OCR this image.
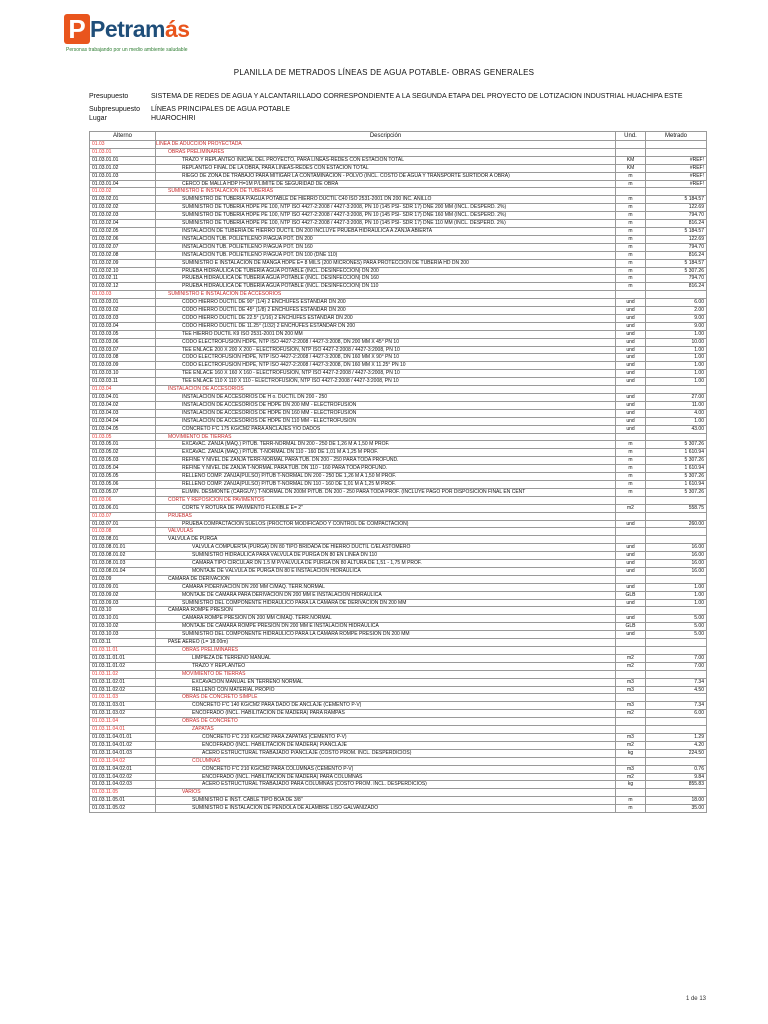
P Petramás
Personas trabajando por un medio ambiente saludable
PLANILLA DE METRADOS LÍNEAS DE AGUA POTABLE- OBRAS GENERALES
Presupuesto	SISTEMA DE REDES DE AGUA Y ALCANTARILLADO CORRESPONDIENTE A LA SEGUNDA ETAPA DEL PROYECTO DE LOTIZACION INDUSTRIAL HUACHIPA ESTE
Subpresupuesto LÍNEAS PRINCIPALES DE AGUA POTABLE
Lugar	HUAROCHIRI
Alterno	Descripción	Und.	Metrado
01.03	LINEA DE ADUCCION PROYECTADA		
01.03.01	OBRAS PRELIMINARES		
01.03.01.01	TRAZO Y REPLANTEO INICIAL DEL PROYECTO, PARA LÍNEAS-REDES CON ESTACIÓN TOTAL	KM	#REF!
01.03.01.02	REPLANTEO FINAL DE LA OBRA, PARA LÍNEAS-REDES CON ESTACIÓN TOTAL	KM	#REF!
01.03.01.03	RIEGO DE ZONA DE TRABAJO PARA MITIGAR LA CONTAMINACIÓN - POLVO (INCL. COSTO DE AGUA Y TRANSPORTE SURTIDOR A OBRA)	m	#REF!
01.03.01.04	CERCO DE MALLA HDP H=1M P/LIMITE DE SEGURIDAD DE OBRA	m	#REF!
01.03.02	SUMINISTRO E INSTALACION DE TUBERIAS		
01.03.02.01	SUMINISTRO DE TUBERIA P/AGUA POTABLE DE HIERRO DUCTIL C40 ISO 2531-2001 DN 200 INC. ANILLO	m	5 184.57
01.03.02.02	SUMINISTRO DE TUBERIA HDPE PE 100, NTP ISO 4427-2:2008 / 4427-3:2008, PN 10 (145 PSI- SDR 17) DNE 200 MM (INCL. DESPERD. 2%)	m	122.69
01.03.02.03	SUMINISTRO DE TUBERIA HDPE PE 100, NTP ISO 4427-2:2008 / 4427-3:2008, PN 10 (145 PSI- SDR 17) DNE 160 MM (INCL. DESPERD. 2%)	m	794.70
01.03.02.04	SUMINISTRO DE TUBERIA HDPE PE 100, NTP ISO 4427-2:2008 / 4427-3:2008, PN 10 (145 PSI- SDR 17) DNE 110 MM (INCL. DESPERD. 2%)	m	816.24
01.03.02.05	INSTALACIÓN DE TUBERÍA DE HIERRO DÚCTIL DN 200 INCLUYE PRUEBA HIDRÁULICA A ZANJA ABIERTA	m	5 184.57
01.03.02.06	INSTALACIÓN TUB. POLIETILENO P/AGUA POT. DN 200	m	122.69
01.03.02.07	INSTALACIÓN TUB. POLIETILENO P/AGUA POT. DN 160	m	794.70
01.03.02.08	INSTALACIÓN TUB. POLIETILENO P/AGUA POT. DN 100 (DNE 110)	m	816.24
01.03.02.09	SUMINISTRO E INSTALACIÓN DE MANGA HDPE E= 8 MILS (200 MICRONES) PARA PROTECCIÓN DE TUBERÍA HD DN 200	m	5 184.57
01.03.02.10	PRUEBA HIDRÁULICA DE TUBERÍA AGUA POTABLE (INCL. DESINFECCIÓN) DN 200	m	5 307.26
01.03.02.11	PRUEBA HIDRÁULICA DE TUBERÍA AGUA POTABLE (INCL. DESINFECCIÓN) DN 160	m	794.70
01.03.02.12	PRUEBA HIDRÁULICA DE TUBERÍA AGUA POTABLE (INCL. DESINFECCIÓN) DN 110	m	816.24
01.03.03	SUMINISTRO E INSTALACIÓN DE ACCESORIOS		
01.03.03.01	CODO HIERRO DÚCTIL DE 90° (1/4) 2 ENCHUFES ESTANDAR DN 200	und	6.00
01.03.03.02	CODO HIERRO DÚCTIL DE 45° (1/8) 2 ENCHUFES ESTANDAR DN 200	und	2.00
01.03.03.03	CODO HIERRO DÚCTIL DE 22.5° (1/16) 2 ENCHUFES ESTANDAR DN 200	und	9.00
01.03.03.04	CODO HIERRO DÚCTIL DE 11.25° (1/32) 2 ENCHUFES ESTANDAR DN 200	und	9.00
01.03.03.05	TEE HIERRO DÚCTIL K9 ISO 2531-2001 DN 200 MM	und	1.00
01.03.03.06	CODO ELECTROFUSION HDPE, NTP ISO 4427-2:2008 / 4427-3:2008, DN 200 MM X 45° PN 10	und	10.00
01.03.03.07	TEE ENLACE 200 X 200 X 200 - ELECTROFUSION, NTP ISO 4427-2:2008 / 4427-3:2008, PN 10	und	1.00
01.03.03.08	CODO ELECTROFUSION HDPE, NTP ISO 4427-2:2008 / 4427-3:2008, DN 160 MM X 90° PN 10	und	1.00
01.03.03.09	CODO ELECTROFUSION HDPE, NTP ISO 4427-2:2008 / 4427-3:2008, DN 160 MM X 11.25° PN 10	und	1.00
01.03.03.10	TEE ENLACE 160 X 160 X 160 - ELECTROFUSION, NTP ISO 4427-2:2008 / 4427-3:2008, PN 10	und	1.00
01.03.03.11	TEE ENLACE 110 X 110 X 110 - ELECTROFUSION, NTP ISO 4427-2:2008 / 4427-3:2008, PN 10	und	1.00
01.03.04	INSTALACIÓN DE ACCESORIOS		
01.03.04.01	INSTALACIÓN DE ACCESORIOS DE H o. DUCTIL DN 200 - 250	und	27.00
01.03.04.02	INSTALACIÓN DE ACCESORIOS DE HDPE DN 200 MM - ELECTROFUSION	und	11.00
01.03.04.03	INSTALACIÓN DE ACCESORIOS DE HDPE DN 160 MM - ELECTROFUSION	und	4.00
01.03.04.04	INSTALACIÓN DE ACCESORIOS DE HDPE DN 110 MM - ELECTROFUSION	und	1.00
01.03.04.05	CONCRETO F'C 175 KG/CM2 PARA ANCLAJES Y/O DADOS	und	43.00
01.03.05	MOVIMIENTO DE TIERRAS		
01.03.05.01	EXCAVAC. ZANJA (MAQ.) P/TUB. TERR-NORMAL DN 200 - 250 DE 1,26 M A 1,50 M PROF.	m	5 307.26
01.03.05.02	EXCAVAC. ZANJA (MAQ.) P/TUB. T-NORMAL DN 110 - 160 DE 1,01 M A 1,25 M PROF.	m	1 610.94
01.03.05.03	REFINE Y NIVEL DE ZANJA TERR-NORMAL PARA TUB. DN 200 - 250 PARA TODA PROFUND.	m	5 307.26
01.03.05.04	REFINE Y NIVEL DE ZANJA T-NORMAL PARA TUB. DN 110 - 160 PARA TODA PROFUND.	m	1 610.94
01.03.05.05	RELLENO COMP. ZANJA(PULSO) P/TUB T-NORMAL DN 200 - 250 DE 1,26 M A 1,50 M PROF.	m	5 307.26
01.03.05.06	RELLENO COMP. ZANJA(PULSO) P/TUB T-NORMAL DN 110 - 160 DE 1,01 M A 1,25 M PROF.	m	1 610.94
01.03.05.07	ELIMIN. DESMONTE (CARGUY.) T-NORMAL DN 200M P/TUB. DN 200 - 250 PARA TODA PROF. (INCLUYE PAGO POR DISPOSICION FINAL EN CENT	m	5 307.26
01.03.06	CORTE Y REPOSICIÓN DE PAVIMENTOS		
01.03.06.01	CORTE Y ROTURA DE PAVIMENTO FLEXIBLE E= 2"	m2	558.75
01.03.07	PRUEBAS		
01.03.07.01	PRUEBA COMPACTACION SUELOS (PROCTOR MODIFICADO Y CONTROL DE COMPACTACIÓN)	und	260.00
01.03.08	VALVULAS		
01.03.08.01	VÁLVULA DE PURGA		
01.03.08.01.01	VÁLVULA COMPUERTA (PURGA) DN 80 TIPO BRIDADA DE HIERRO DÚCTIL C/ELASTÓMERO	und	16.00
01.03.08.01.02	SUMINISTRO HIDRÁULICA PARA VÁLVULA DE PURGA DN 80 EN LÍNEA DN 110	und	16.00
01.03.08.01.03	CÁMARA TIPO CIRCULAR DN 1.5 M P/VÁLVULA DE PURGA DN 80 ALTURA DE 1,51 - 1,75 M PROF.	und	16.00
01.03.08.01.04	MONTAJE DE VÁLVULA DE PURGA DN 80 E INSTALACIÓN HIDRÁULICA	und	16.00
01.03.09	CÁMARA DE DERIVACIÓN		
01.03.09.01	CAMARA P/DERIVACION DN 200 MM C/MAQ. TERR.NORMAL	und	1.00
01.03.09.02	MONTAJE DE CAMARA PARA DERIVACIÓN DN 200 MM E INSTALACIÓN HIDRAULICA	GLB	1.00
01.03.09.03	SUMINISTRO DEL COMPONENTE HIDRAULICO PARA LA CAMARA DE DERIVACIÓN DN 200 MM	und	1.00
01.03.10	CÁMARA ROMPE PRESIÓN		
01.03.10.01	CAMARA ROMPE PRESIÓN DN 200 MM C/MAQ. TERR.NORMAL	und	5.00
01.03.10.02	MONTAJE DE CAMARA ROMPE PRESIÓN DN 200 MM E INSTALACIÓN HIDRAULICA	GLB	5.00
01.03.10.03	SUMINISTRO DEL COMPONENTE HIDRAULICO PARA LA CAMARA ROMPE PRESIÓN DN 200 MM	und	5.00
01.03.11	PASE AEREO (L= 18.00m)		
01.03.11.01	OBRAS PRELIMINARES		
01.03.11.01.01	LIMPIEZA DE TERRENO MANUAL	m2	7.00
01.03.11.01.02	TRAZO Y REPLANTEO	m2	7.00
01.03.11.02	MOVIMIENTO DE TIERRAS		
01.03.11.02.01	EXCAVACION MANUAL EN TERRENO NORMAL	m3	7.34
01.03.11.02.02	RELLENO CON MATERIAL PROPIO	m3	4.50
01.03.11.03	OBRAS DE CONCRETO SIMPLE		
01.03.11.03.01	CONCRETO F'C 140 KG/CM2 PARA DADO DE ANCLAJE (CEMENTO P-V)	m3	7.34
01.03.11.03.02	ENCOFRADO (INCL. HABILITACIÓN DE MADERA) PARA RAMPAS	m2	6.00
01.03.11.04	OBRAS DE CONCRETO		
01.03.11.04.01	ZAPATAS		
01.03.11.04.01.01	CONCRETO F'C 210 KG/CM2 PARA ZAPATAS (CEMENTO P-V)	m3	1.29
01.03.11.04.01.02	ENCOFRADO (INCL. HABILITACIÓN DE MADERA) P/ANCLAJE	m2	4.20
01.03.11.04.01.03	ACERO ESTRUCTURAL TRABAJADO P/ANCLAJE (COSTO PROM. INCL. DESPERDICIOS)	kg	224.50
01.03.11.04.02	COLUMNAS		
01.03.11.04.02.01	CONCRETO F'C 210 KG/CM2 PARA COLUMNAS (CEMENTO P-V)	m3	0.76
01.03.11.04.02.02	ENCOFRADO (INCL. HABILITACIÓN DE MADERA) PARA COLUMNAS	m2	9.84
01.03.11.04.02.03	ACERO ESTRUCTURAL TRABAJADO PARA COLUMNAS (COSTO PROM. INCL. DESPERDICIOS)	kg	855.83
01.03.11.05	VARIOS		
01.03.11.05.01	SUMINISTRO E INST. CABLE TIPO BOA DE 3/8"	m	18.00
01.03.11.05.02	SUMINISTRO E INSTALACIÓN DE PÉNDOLA DE ALAMBRE LISO GALVANIZADO	m	35.00
1 de 13
